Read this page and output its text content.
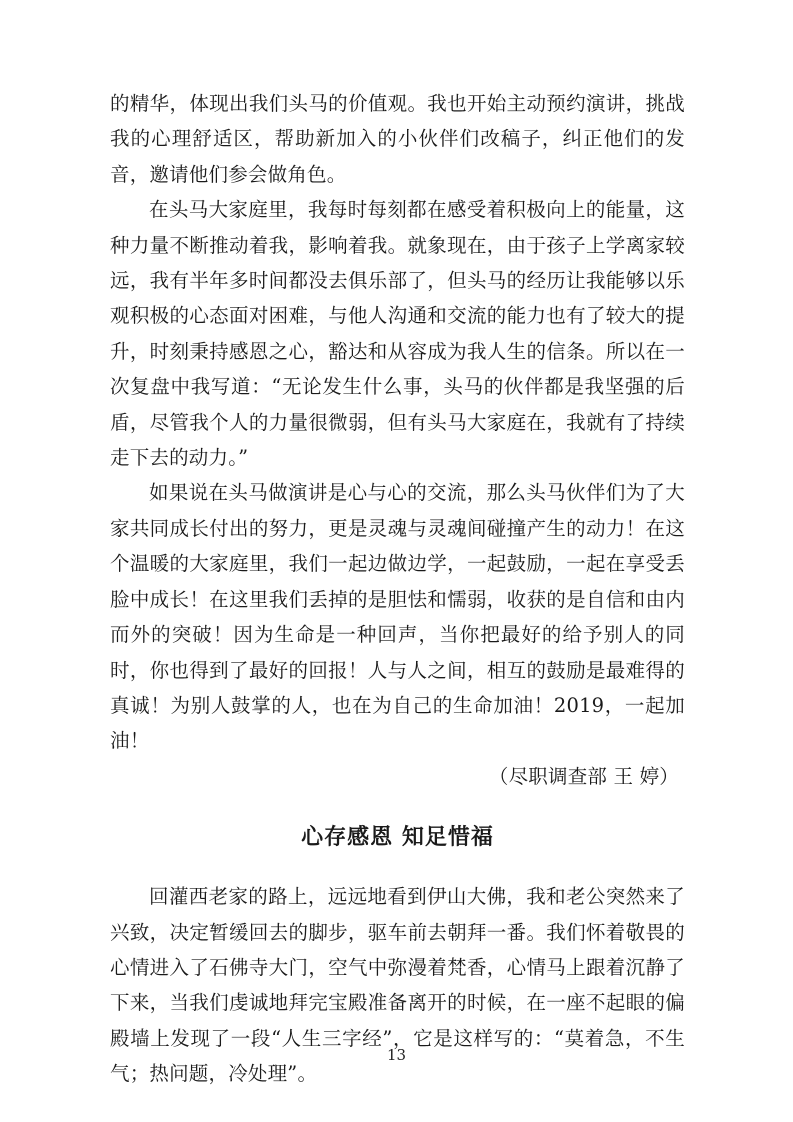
的精华，体现出我们头马的价值观。我也开始主动预约演讲，挑战我的心理舒适区，帮助新加入的小伙伴们改稿子，纠正他们的发音，邀请他们参会做角色。

在头马大家庭里，我每时每刻都在感受着积极向上的能量，这种力量不断推动着我，影响着我。就象现在，由于孩子上学离家较远，我有半年多时间都没去俱乐部了，但头马的经历让我能够以乐观积极的心态面对困难，与他人沟通和交流的能力也有了较大的提升，时刻秉持感恩之心，豁达和从容成为我人生的信条。所以在一次复盘中我写道：“无论发生什么事，头马的伙伴都是我坚强的后盾，尽管我个人的力量很微弱，但有头马大家庭在，我就有了持续走下去的动力。”

如果说在头马做演讲是心与心的交流，那么头马伙伴们为了大家共同成长付出的努力，更是灵魂与灵魂间碰撞产生的动力！在这个温暖的大家庭里，我们一起边做边学，一起鼓励，一起在享受丢脸中成长！在这里我们丢掉的是胆怯和懦弱，收获的是自信和由内而外的突破！因为生命是一种回声，当你把最好的给予别人的同时，你也得到了最好的回报！人与人之间，相互的鼓励是最难得的真诚！为别人鼓掌的人，也在为自己的生命加油！2019，一起加油！

（尽职调查部 王 婷）

心存感恩 知足惜福

回灌西老家的路上，远远地看到伊山大佛，我和老公突然来了兴致，决定暂缓回去的脚步，驱车前去朝拜一番。我们怀着敬畏的心情进入了石佛寺大门，空气中弥漫着梵香，心情马上跟着沉静了下来，当我们虔诚地拜完宝殿准备离开的时候，在一座不起眼的偏殿墙上发现了一段“人生三字经”，它是这样写的：“莫着急，不生气；热问题，冷处理”。

13
